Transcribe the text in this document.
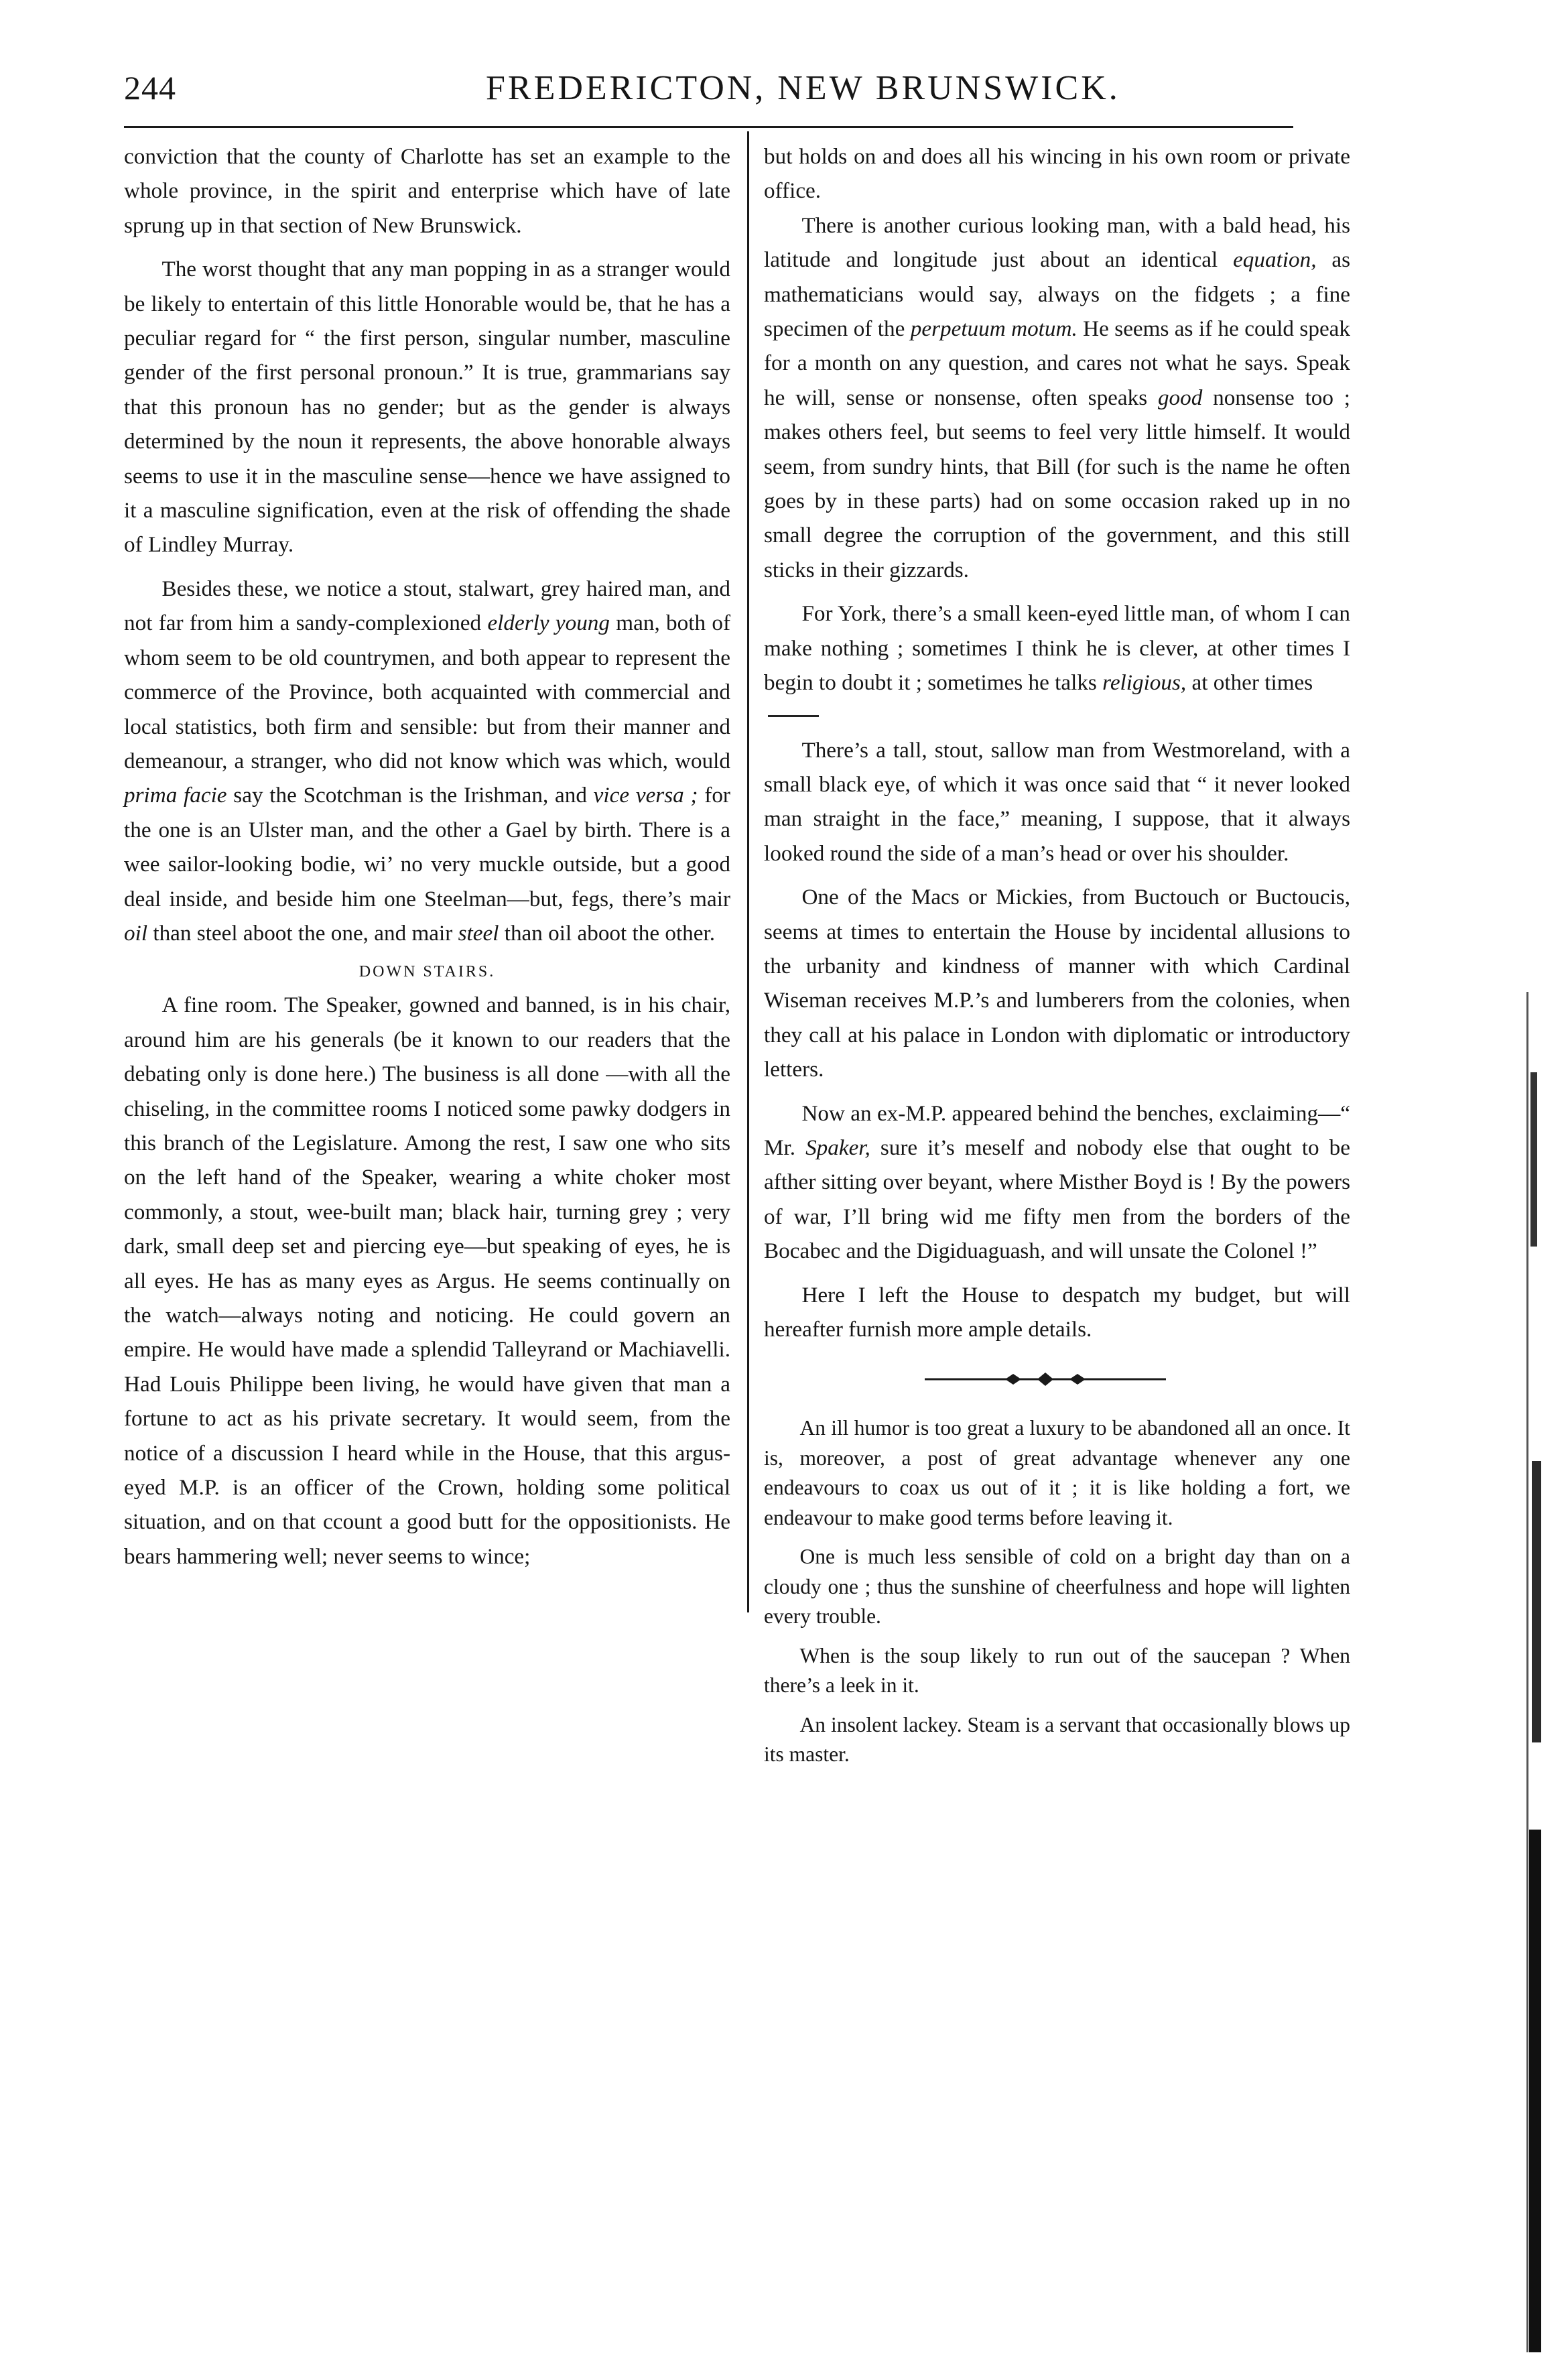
244	FREDERICTON, NEW BRUNSWICK.

conviction that the county of Charlotte has set an example to the whole province, in the spirit and enterprise which have of late sprung up in that section of New Brunswick.

The worst thought that any man popping in as a stranger would be likely to entertain of this little Honorable would be, that he has a peculiar regard for “ the first person, singular number, masculine gender of the first personal pronoun.” It is true, grammarians say that this pronoun has no gender; but as the gender is always determined by the noun it represents, the above honorable always seems to use it in the masculine sense—hence we have assigned to it a masculine signification, even at the risk of offending the shade of Lindley Murray.

Besides these, we notice a stout, stalwart, grey haired man, and not far from him a sandy-complexioned elderly young man, both of whom seem to be old countrymen, and both appear to represent the commerce of the Province, both acquainted with commercial and local statistics, both firm and sensible: but from their manner and demeanour, a stranger, who did not know which was which, would prima facie say the Scotchman is the Irishman, and vice versa ; for the one is an Ulster man, and the other a Gael by birth. There is a wee sailor-looking bodie, wi’ no very muckle outside, but a good deal inside, and beside him one Steelman—but, fegs, there’s mair oil than steel aboot the one, and mair steel than oil aboot the other.

DOWN STAIRS.

A fine room. The Speaker, gowned and banned, is in his chair, around him are his generals (be it known to our readers that the debating only is done here.) The business is all done —with all the chiseling, in the committee rooms I noticed some pawky dodgers in this branch of the Legislature. Among the rest, I saw one who sits on the left hand of the Speaker, wearing a white choker most commonly, a stout, wee-built man; black hair, turning grey ; very dark, small deep set and piercing eye—but speaking of eyes, he is all eyes. He has as many eyes as Argus. He seems continually on the watch—always noting and noticing. He could govern an empire. He would have made a splendid Talleyrand or Machiavelli. Had Louis Philippe been living, he would have given that man a fortune to act as his private secretary. It would seem, from the notice of a discussion I heard while in the House, that this argus-eyed M.P. is an officer of the Crown, holding some political situation, and on that ccount a good butt for the oppositionists. He bears hammering well; never seems to wince;

but holds on and does all his wincing in his own room or private office.

There is another curious looking man, with a bald head, his latitude and longitude just about an identical equation, as mathematicians would say, always on the fidgets ; a fine specimen of the perpetuum motum. He seems as if he could speak for a month on any question, and cares not what he says. Speak he will, sense or nonsense, often speaks good nonsense too ; makes others feel, but seems to feel very little himself. It would seem, from sundry hints, that Bill (for such is the name he often goes by in these parts) had on some occasion raked up in no small degree the corruption of the government, and this still sticks in their gizzards.

For York, there’s a small keen-eyed little man, of whom I can make nothing ; sometimes I think he is clever, at other times I begin to doubt it ; sometimes he talks religious, at other times

There’s a tall, stout, sallow man from Westmoreland, with a small black eye, of which it was once said that “ it never looked man straight in the face,” meaning, I suppose, that it always looked round the side of a man’s head or over his shoulder.

One of the Macs or Mickies, from Buctouch or Buctoucis, seems at times to entertain the House by incidental allusions to the urbanity and kindness of manner with which Cardinal Wiseman receives M.P.’s and lumberers from the colonies, when they call at his palace in London with diplomatic or introductory letters.

Now an ex-M.P. appeared behind the benches, exclaiming—“ Mr. Spaker, sure it’s meself and nobody else that ought to be afther sitting over beyant, where Misther Boyd is ! By the powers of war, I’ll bring wid me fifty men from the borders of the Bocabec and the Digiduaguash, and will unsate the Colonel !”

Here I left the House to despatch my budget, but will hereafter furnish more ample details.

An ill humor is too great a luxury to be abandoned all an once. It is, moreover, a post of great advantage whenever any one endeavours to coax us out of it ; it is like holding a fort, we endeavour to make good terms before leaving it.

One is much less sensible of cold on a bright day than on a cloudy one ; thus the sunshine of cheerfulness and hope will lighten every trouble.

When is the soup likely to run out of the saucepan ? When there’s a leek in it.

An insolent lackey. Steam is a servant that occasionally blows up its master.
